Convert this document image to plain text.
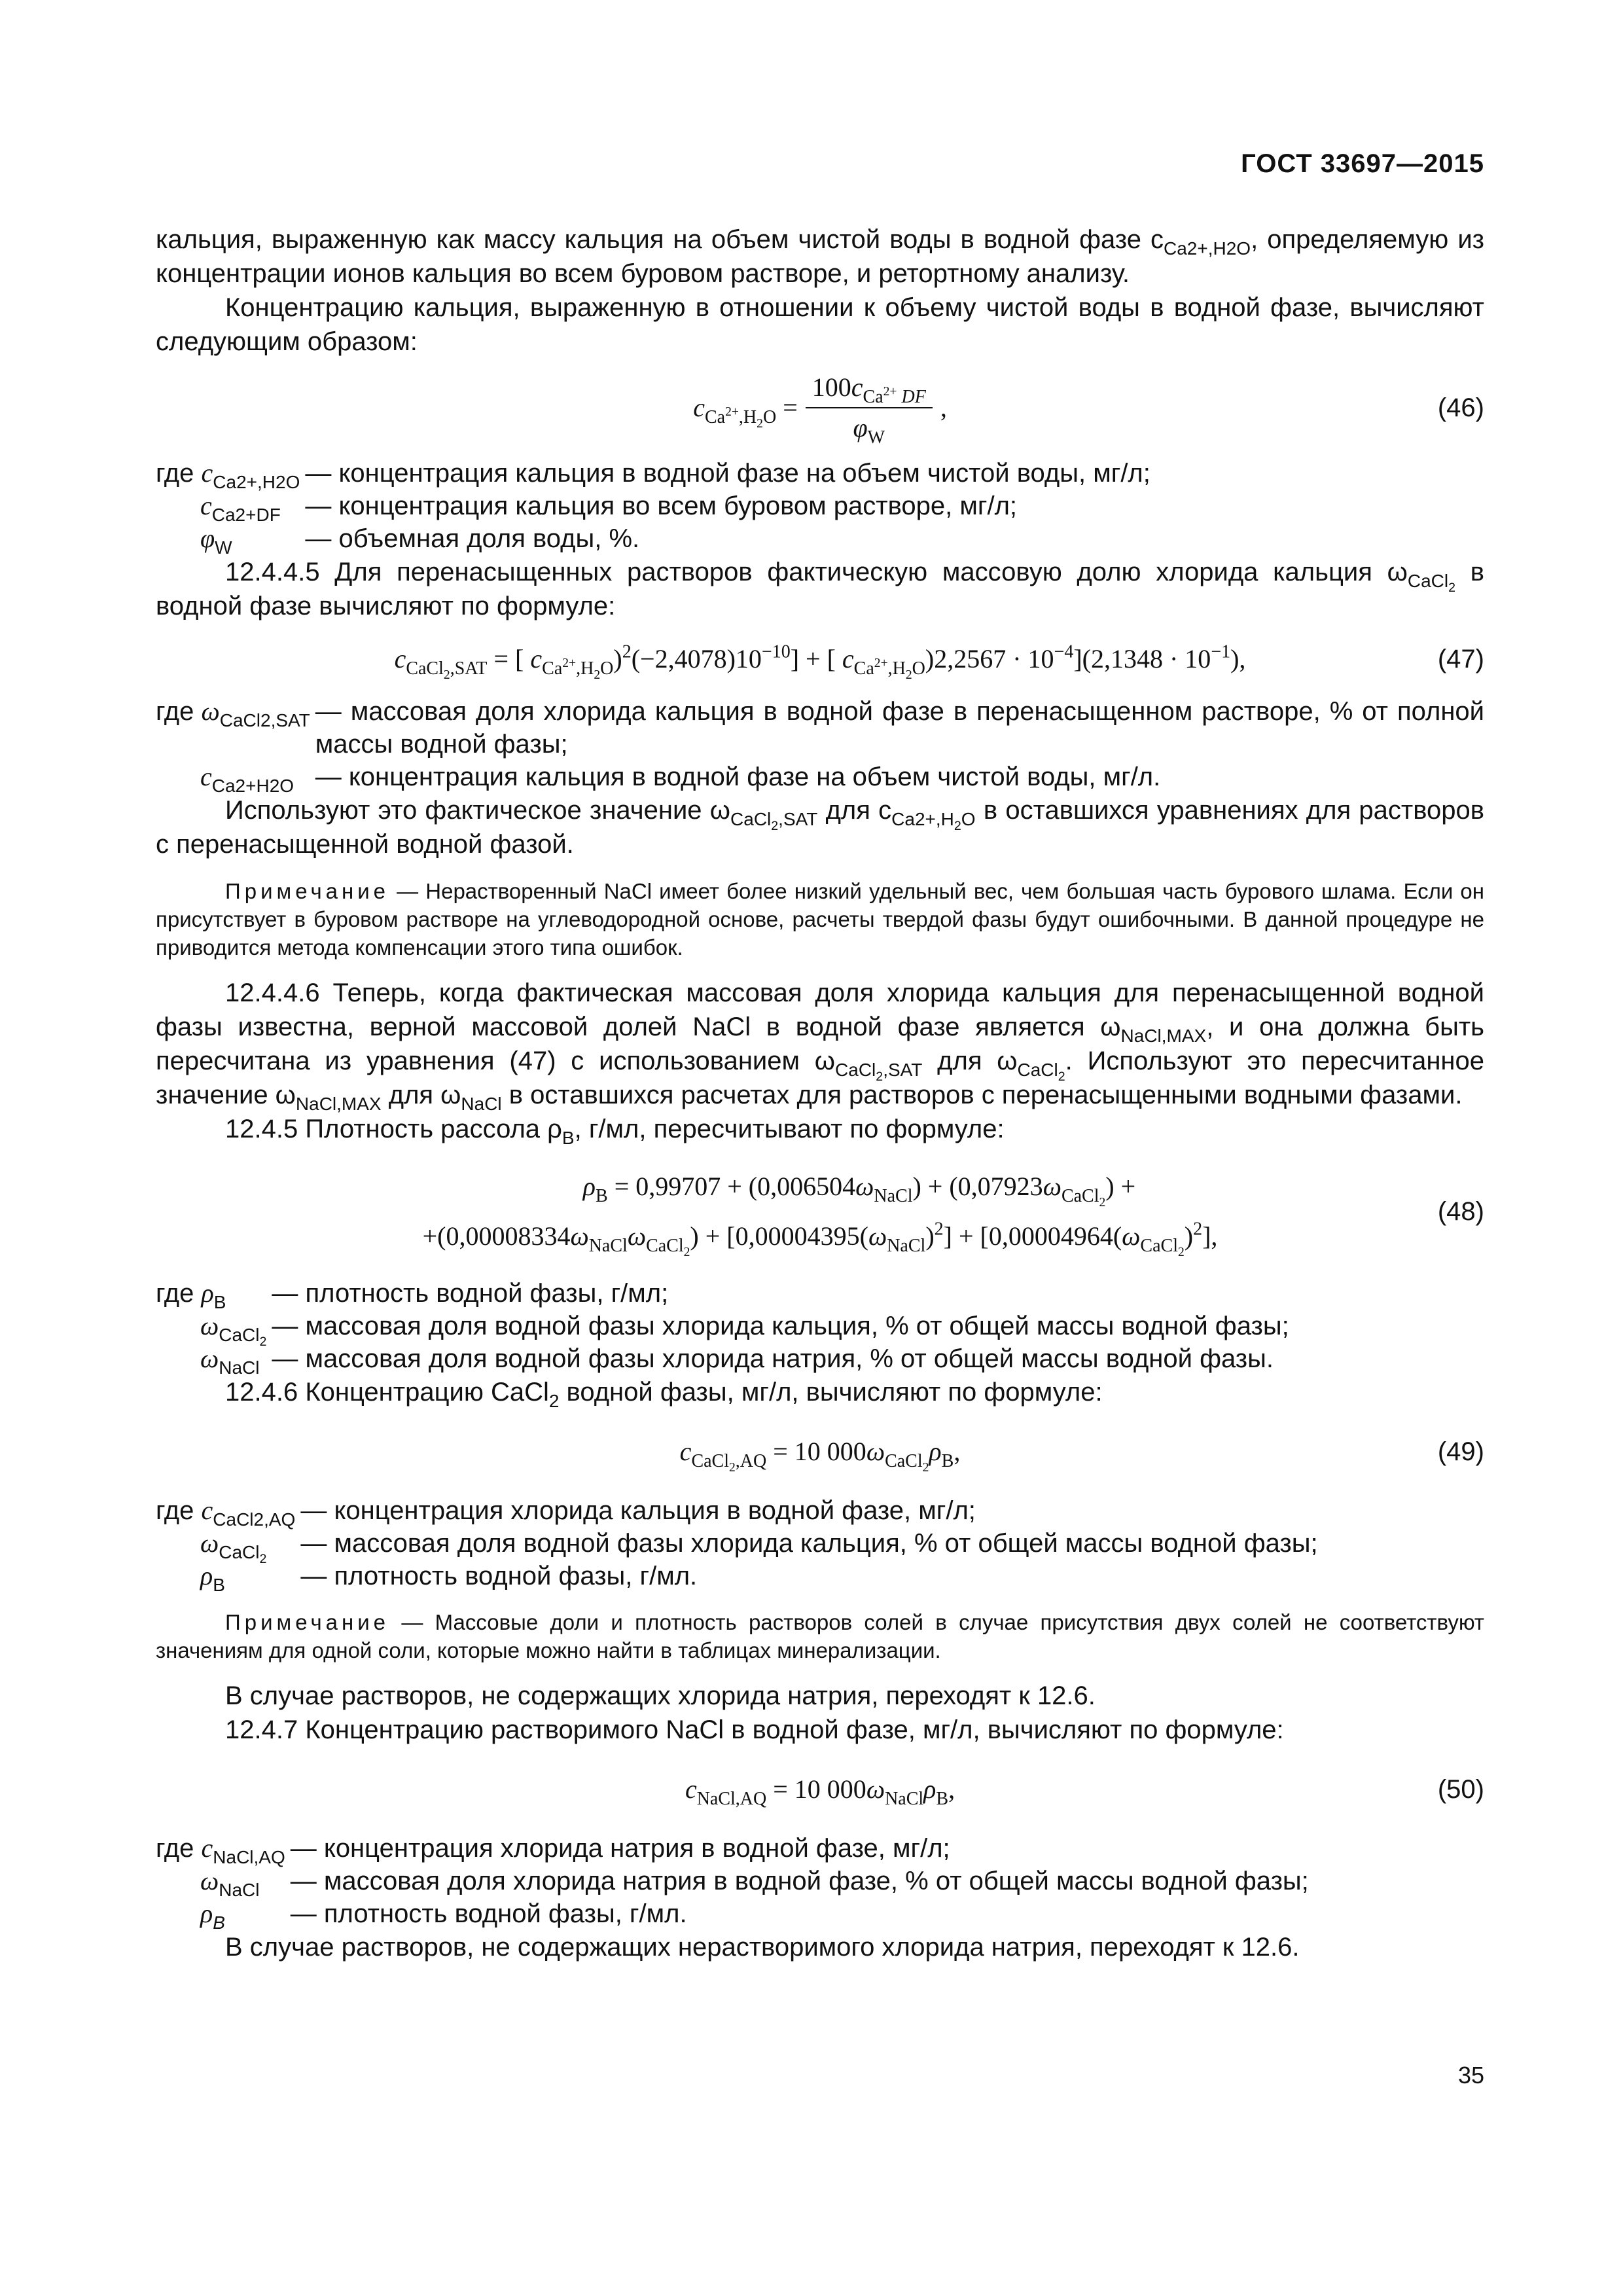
ГОСТ 33697—2015

кальция, выраженную как массу кальция на объем чистой воды в водной фазе $c_{Ca2+,H2O}$, определяемую из концентрации ионов кальция во всем буровом растворе, и ретортному анализу.

Концентрацию кальция, выраженную в отношении к объему чистой воды в водной фазе, вычисляют следующим образом:

$c_{Ca^{2+},H_2O} = \frac{100c_{Ca^{2+} DF}}{\varphi_W}$ ,	(46)
где $c_{Ca2+,H2O}$	— концентрация кальция в водной фазе на объем чистой воды, мг/л;
$c_{Ca2+DF}$	— концентрация кальция во всем буровом растворе, мг/л;
$\varphi_W$	— объемная доля воды, %.

12.4.4.5 Для перенасыщенных растворов фактическую массовую долю хлорида кальция $\omega_{CaCl_2}$ в водной фазе вычисляют по формуле:

$c_{CaCl_2,SAT}$ = [ $c_{Ca^{2+},H_2O})^2(-2,4078)10^{-10}$] + [ $c_{Ca^{2+},H_2O})2,2567 \cdot 10^{-4}](2,1348 \cdot 10^{-1})$,	(47)
где $\omega_{CaCl2,SAT}$	— массовая доля хлорида кальция в водной фазе в перенасыщенном растворе, % от полной массы водной фазы;
$c_{Ca2+H2O}$	— концентрация кальция в водной фазе на объем чистой воды, мг/л.

Используют это фактическое значение $\omega_{CaCl_2,SAT}$ для $c_{Ca2+,H_2O}$ в оставшихся уравнениях для растворов с перенасыщенной водной фазой.

Примечание — Нерастворенный NaCl имеет более низкий удельный вес, чем большая часть бурового шлама. Если он присутствует в буровом растворе на углеводородной основе, расчеты твердой фазы будут ошибочными. В данной процедуре не приводится метода компенсации этого типа ошибок.

12.4.4.6 Теперь, когда фактическая массовая доля хлорида кальция для перенасыщенной водной фазы известна, верной массовой долей NaCl в водной фазе является $\omega_{NaCl,MAX}$, и она должна быть пересчитана из уравнения (47) с использованием $\omega_{CaCl_2,SAT}$ для $\omega_{CaCl_2}$. Используют это пересчитанное значение $\omega_{NaCl,MAX}$ для $\omega_{NaCl}$ в оставшихся расчетах для растворов с перенасыщенными водными фазами.

12.4.5 Плотность рассола $\rho_B$, г/мл, пересчитывают по формуле:

$\rho_B = 0,99707 + (0,006504\omega_{NaCl}) + (0,07923\omega_{CaCl_2})$ +
$+(0,00008334\omega_{NaCl}\omega_{CaCl_2}) + [0,00004395(\omega_{NaCl})^2] + [0,00004964(\omega_{CaCl_2})^2]$,
(48)
где $\rho_B$	— плотность водной фазы, г/мл;
$\omega_{CaCl_2}$	— массовая доля водной фазы хлорида кальция, % от общей массы водной фазы;
$\omega_{NaCl}$	— массовая доля водной фазы хлорида натрия, % от общей массы водной фазы.

12.4.6 Концентрацию CaCl$_2$ водной фазы, мг/л, вычисляют по формуле:

$c_{CaCl_2,AQ} = 10$ $000\omega_{CaCl_2}\rho_B$,	(49)
где $c_{CaCl2,AQ}$	— концентрация хлорида кальция в водной фазе, мг/л;
$\omega_{CaCl_2}$	— массовая доля водной фазы хлорида кальция, % от общей массы водной фазы;
$\rho_B$	— плотность водной фазы, г/мл.

Примечание — Массовые доли и плотность растворов солей в случае присутствия двух солей не соответствуют значениям для одной соли, которые можно найти в таблицах минерализации.

В случае растворов, не содержащих хлорида натрия, переходят к 12.6.

12.4.7 Концентрацию растворимого NaCl в водной фазе, мг/л, вычисляют по формуле:

$c_{NaCl,AQ} = 10$ $000\omega_{NaCl}\rho_B$,	(50)
где $c_{NaCl,AQ}$	— концентрация хлорида натрия в водной фазе, мг/л;
$\omega_{NaCl}$	— массовая доля хлорида натрия в водной фазе, % от общей массы водной фазы;
$\rho_B$	— плотность водной фазы, г/мл.

В случае растворов, не содержащих нерастворимого хлорида натрия, переходят к 12.6.

35
